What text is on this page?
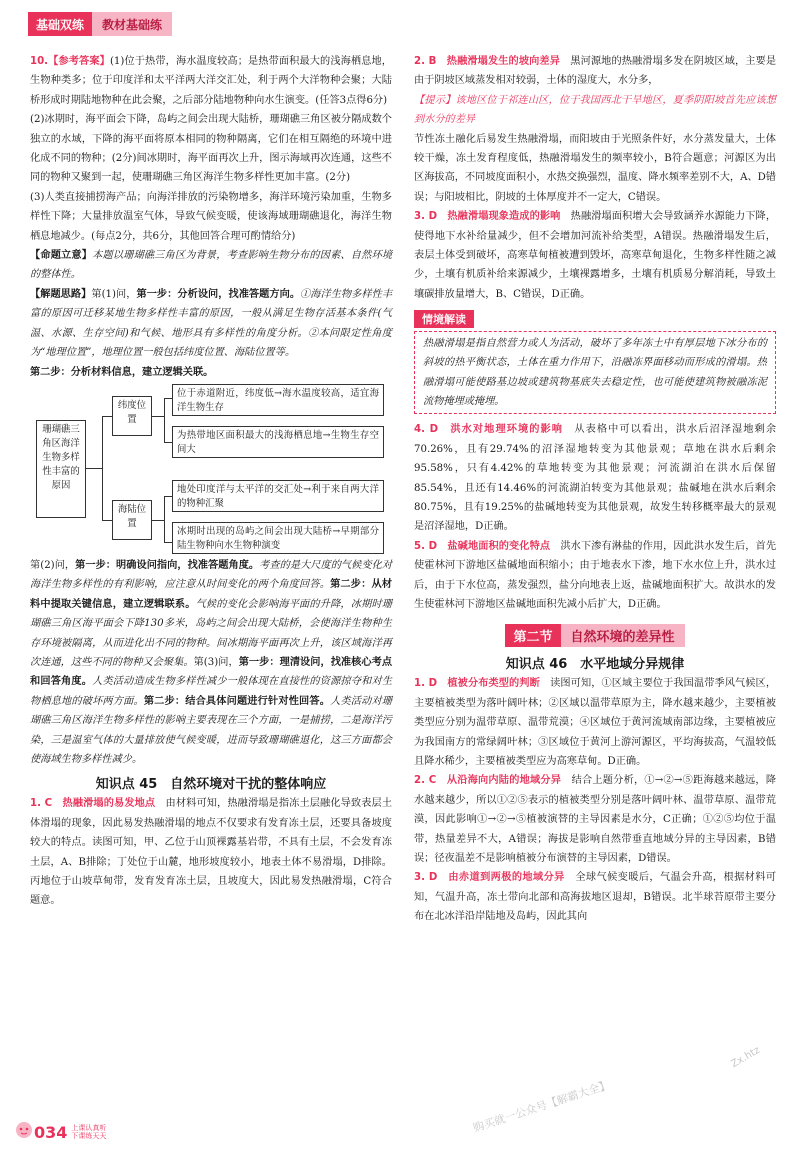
基础双练	教材基础练

10.【参考答案】(1)位于热带，海水温度较高；是热带面积最大的浅海栖息地，生物种类多；位于印度洋和太平洋两大洋交汇处，利于两个大洋物种会聚；大陆桥形成时期陆地物种在此会聚，之后部分陆地物种向水生演变。(任答3点得6分)

(2)冰期时，海平面会下降，岛屿之间会出现大陆桥，珊瑚礁三角区被分隔成数个独立的水域，下降的海平面将原本相同的物种隔离，它们在相互隔绝的环境中进化成不同的物种；(2分)间冰期时，海平面再次上升，图示海域再次连通，这些不同的物种又聚到一起，使珊瑚礁三角区海洋生物多样性更加丰富。(2分)

(3)人类直接捕捞海产品；向海洋排放的污染物增多，海洋环境污染加重，生物多样性下降；大量排放温室气体，导致气候变暖，使该海域珊瑚礁退化，海洋生物栖息地减少。(每点2分，共6分，其他回答合理可酌情给分)

【命题立意】本题以珊瑚礁三角区为背景，考查影响生物分布的因素、自然环境的整体性。

【解题思路】第(1)问，第一步：分析设问，找准答题方向。①海洋生物多样性丰富的原因可迁移某地生物多样性丰富的原因，一般从满足生物存活基本条件(气温、水源、生存空间)和气候、地形具有多样性的角度分析。②本问限定性角度为“地理位置”，地理位置一般包括纬度位置、海陆位置等。

第二步：分析材料信息，建立逻辑关联。

珊瑚礁三角区海洋生物多样性丰富的原因
纬度位置
海陆位置
位于赤道附近，纬度低→海水温度较高，适宜海洋生物生存
为热带地区面积最大的浅海栖息地→生物生存空间大
地处印度洋与太平洋的交汇处→利于来自两大洋的物种汇聚
冰期时出现的岛屿之间会出现大陆桥→早期部分陆生物种向水生物种演变

第(2)问，第一步：明确设问指向，找准答题角度。考查的是大尺度的气候变化对海洋生物多样性的有利影响，应注意从时间变化的两个角度回答。第二步：从材料中提取关键信息，建立逻辑联系。气候的变化会影响海平面的升降，冰期时珊瑚礁三角区海平面会下降130多米，岛屿之间会出现大陆桥，会使海洋生物种生存环境被隔离，从而进化出不同的物种。间冰期海平面再次上升，该区域海洋再次连通，这些不同的物种又会聚集。第(3)问，第一步：理清设问，找准核心考点和回答角度。人类活动造成生物多样性减少一般体现在直接性的资源掠夺和对生物栖息地的破坏两方面。第二步：结合具体问题进行针对性回答。人类活动对珊瑚礁三角区海洋生物多样性的影响主要表现在三个方面，一是捕捞，二是海洋污染，三是温室气体的大量排放使气候变暖，进而导致珊瑚礁退化，这三方面都会使海域生物多样性减少。

知识点 45　自然环境对干扰的整体响应

1. C　 热融滑塌的易发地点　 由材料可知，热融滑塌是指冻土层融化导致表层土体滑塌的现象，因此易发热融滑塌的地点不仅要求有发育冻土层，还要具备坡度较大的特点。读图可知，甲、乙位于山顶裸露基岩带，不具有土层，不会发育冻土层，A、B排除；丁处位于山麓，地形坡度较小，地表土体不易滑塌，D排除。丙地位于山坡草甸带，发育发育冻土层，且坡度大，因此易发热融滑塌，C符合题意。

2. B　 热融滑塌发生的坡向差异　 黑河源地的热融滑塌多发在阴坡区域，主要是由于阴坡区域蒸发相对较弱，土体的湿度大，水分多，

【提示】该地区位于祁连山区，位于我国西北干旱地区，夏季阴阳坡首先应该想到水分的差异

节性冻土融化后易发生热融滑塌，而阳坡由于光照条件好，水分蒸发量大，土体较干燥，冻土发育程度低，热融滑塌发生的频率较小，B符合题意；河源区为出区海拔高，不同坡度面积小，水热交换强烈，温度、降水频率差别不大，A、D错误；与阳坡相比，阴坡的土体厚度并不一定大，C错误。

3. D　 热融滑塌现象造成的影响　 热融滑塌面积增大会导致涵养水源能力下降，使得地下水补给量减少，但不会增加河流补给类型，A错误。热融滑塌发生后，表层土体受到破坏，高寒草甸植被遭到毁坏，高寒草甸退化，生物多样性随之减少，土壤有机质补给来源减少，土壤裸露增多，土壤有机质易分解消耗，导致土壤碳排放量增大，B、C错误，D正确。

情境解读

热融滑塌是指自然营力或人为活动，破坏了多年冻土中有厚层地下冰分布的斜坡的热平衡状态，土体在重力作用下，沿融冻界面移动而形成的滑塌。热融滑塌可能使路基边坡或建筑物基底失去稳定性，也可能使建筑物被融冻泥流物掩埋或掩埋。

4. D　 洪水对地理环境的影响　 从表格中可以看出，洪水后沼泽湿地剩余70.26%，且有29.74%的沼泽湿地转变为其他景观；草地在洪水后剩余95.58%，只有4.42%的草地转变为其他景观；河流湖泊在洪水后保留85.54%，且还有14.46%的河流湖泊转变为其他景观；盐碱地在洪水后剩余80.75%，且有19.25%的盐碱地转变为其他景观，故发生转移概率最大的景观是沼泽湿地，D正确。

5. D　 盐碱地面积的变化特点　 洪水下渗有淋盐的作用，因此洪水发生后，首先使霍林河下游地区盐碱地面积缩小；由于地表水下渗，地下水水位上升，洪水过后，由于下水位高，蒸发强烈，盐分向地表上返，盐碱地面积扩大。故洪水的发生使霍林河下游地区盐碱地面积先减小后扩大，D正确。

第二节	自然环境的差异性
知识点 46　水平地域分异规律

1. D　 植被分布类型的判断　 读图可知，①区域主要位于我国温带季风气候区，主要植被类型为落叶阔叶林；②区域以温带草原为主，降水越来越少，主要植被类型应分别为温带草原、温带荒漠；④区域位于黄河流域南部边缘，主要植被应为我国南方的常绿阔叶林；③区域位于黄河上游河源区，平均海拔高，气温较低且降水稀少，主要植被类型应为高寒草甸。D正确。

2. C　 从沿海向内陆的地域分异　 结合上题分析，①→②→⑤距海越来越远，降水越来越少，所以①②⑤表示的植被类型分别是落叶阔叶林、温带草原、温带荒漠，因此影响①→②→⑤植被演替的主导因素是水分，C正确；①②⑤均位于温带，热量差异不大，A错误；海拔是影响自然带垂直地域分异的主导因素，B错误；径夜温差不是影响植被分布演替的主导因素，D错误。

3. D　 由赤道到两极的地域分异　 全球气候变暖后，气温会升高，根据材料可知，气温升高，冻土带向北部和高海拔地区退却，B错误。北半球苔原带主要分布在北冰洋沿岸陆地及岛屿，因此其向

034 上课认真听
下课练天天
购买就一公众号【解霸大全】
Zx.htz
